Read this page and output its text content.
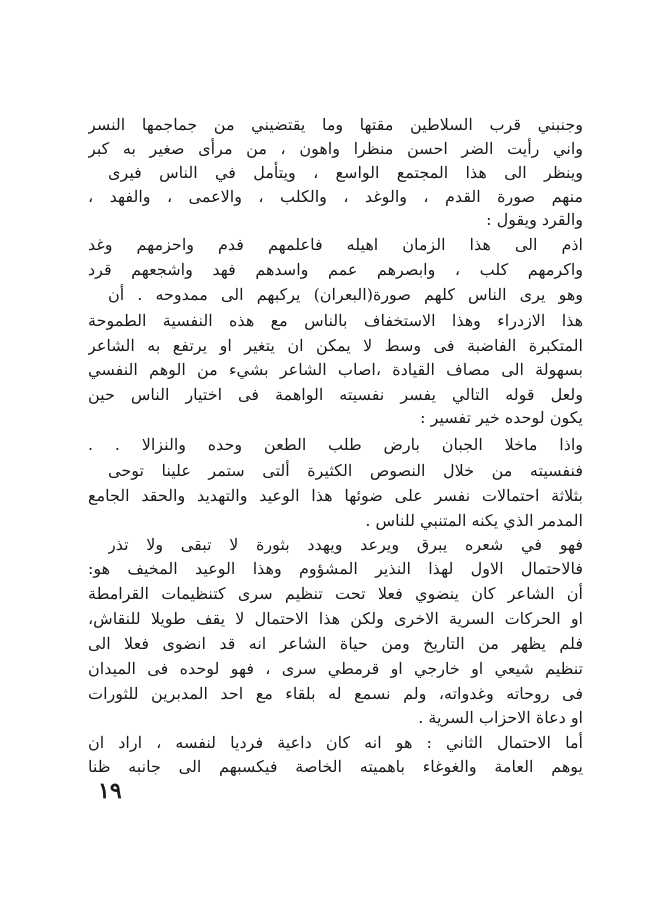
وجنبني قرب السلاطين مقتها وما يقتضيني من جماجمها النسر
واني رأيت الضر احسن منظرا واهون ، من مرأى صغير به كبر
وينظر الى هذا المجتمع الواسع ، ويتأمل في الناس فيرى
منهم صورة القدم ، والوغد ، والكلب ، والاعمى ، والفهد ،
والقرد ويقول :
اذم الى هذا الزمان اهيله فاعلمهم فدم واحزمهم وغد
واكرمهم كلب ، وابصرهم عمم واسدهم فهد واشجعهم قرد
وهو يرى الناس كلهم صورة(البعران) يركبهم الى ممدوحه . أن
هذا الازدراء وهذا الاستخفاف بالناس مع هذه النفسية الطموحة
المتكبرة الفاضبة فى وسط لا يمكن ان يتغير او يرتفع به الشاعر
بسهولة الى مصاف القيادة ،اصاب الشاعر بشيء من الوهم النفسي
ولعل قوله التالي يفسر نفسيته الواهمة فى اختيار الناس حين
يكون لوحده خير تفسير :
واذا ماخلا الجبان بارض طلب الطعن وحده والنزالا . .
فنفسيته من خلال النصوص الكثيرة ألتى ستمر علينا توحى
بثلاثة احتمالات نفسر على ضوئها هذا الوعيد والتهديد والحقد الجامع
المدمر الذي يكنه المتنبي للناس .
فهو في شعره يبرق ويرعد ويهدد بثورة لا تبقى ولا تذر
فالاحتمال الاول لهذا النذير المشؤوم وهذا الوعيد المخيف هو:
أن الشاعر كان ينضوي فعلا تحت تنظيم سرى كتنظيمات القرامطة
او الحركات السرية الاخرى ولكن هذا الاحتمال لا يقف طويلا للنقاش،
فلم يظهر من التاريخ ومن حياة الشاعر انه قد انضوى فعلا الى
تنظيم شيعي او خارجي او قرمطي سرى ، فهو لوحده فى الميدان
فى روحاته وغدواته، ولم نسمع له بلقاء مع احد المدبرين للثورات
او دعاة الاحزاب السرية .
أما الاحتمال الثاني : هو انه كان داعية فرديا لنفسه ، اراد ان
يوهم العامة والغوغاء باهميته الخاصة فيكسبهم الى جانبه ظنا
١٩
